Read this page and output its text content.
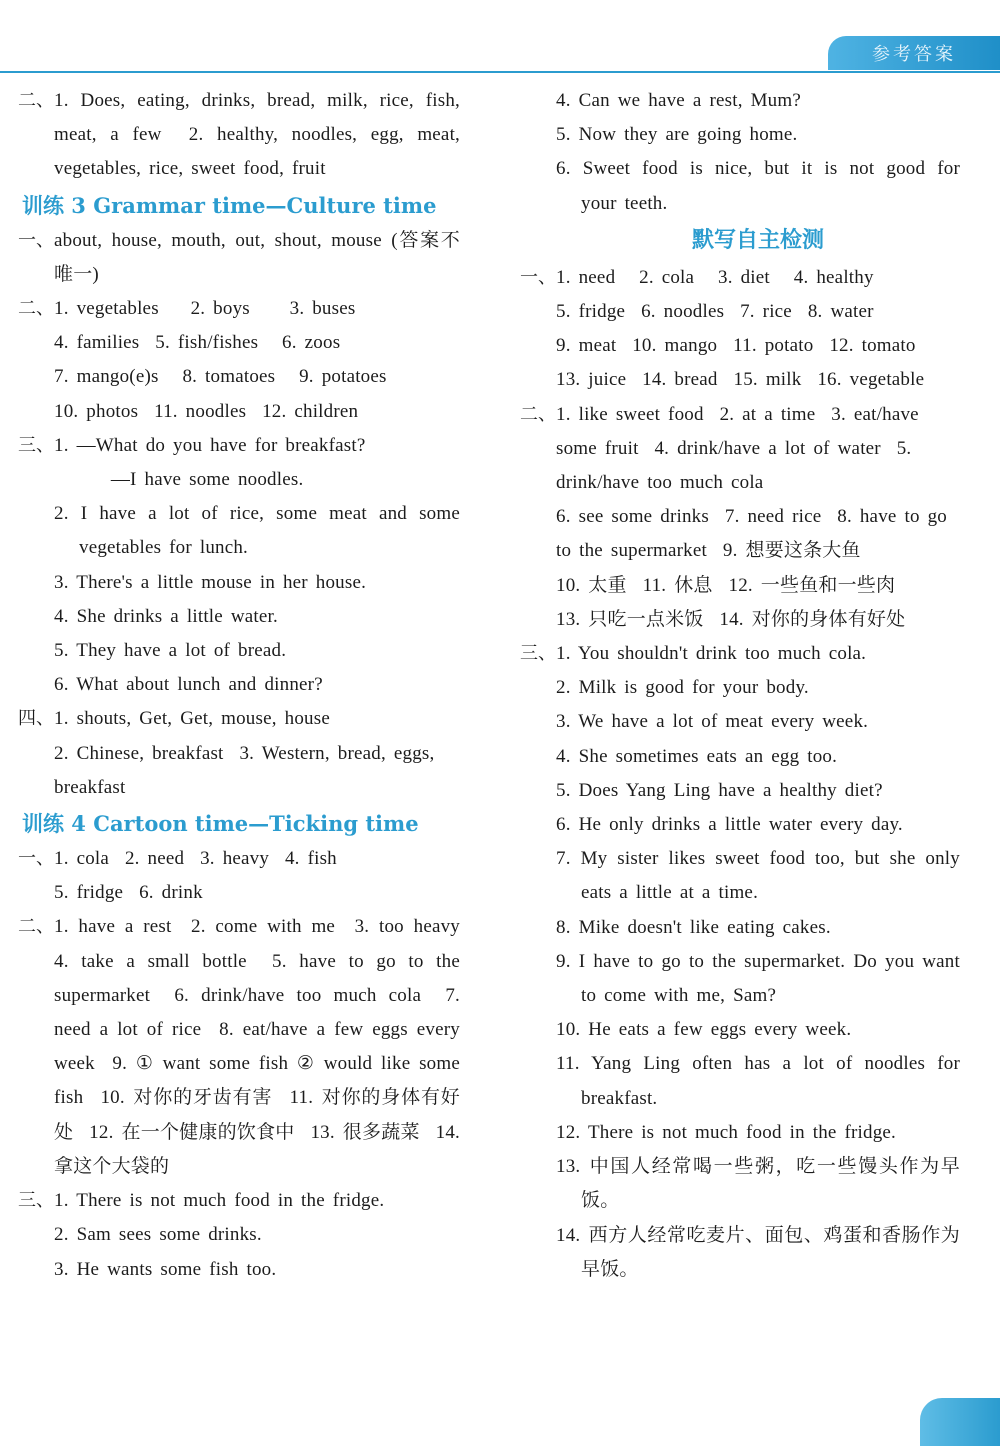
参考答案
二、 1. Does, eating, drinks, bread, milk, rice, fish, meat, a few  2. healthy, noodles, egg, meat, vegetables, rice, sweet food, fruit
训练 3 Grammar time—Culture time
一、 about, house, mouth, out, shout, mouse (答案不唯一)
二、 1. vegetables    2. boys     3. buses
4. families  5. fish/fishes   6. zoos
7. mango(e)s   8. tomatoes   9. potatoes
10. photos  11. noodles  12. children
三、 1. —What do you have for breakfast?
—I have some noodles.
2. I have a lot of rice, some meat and some vegetables for lunch.
3. There's a little mouse in her house.
4. She drinks a little water.
5. They have a lot of bread.
6. What about lunch and dinner?
四、 1. shouts, Get, Get, mouse, house
2. Chinese, breakfast  3. Western, bread, eggs, breakfast
训练 4 Cartoon time—Ticking time
一、 1. cola  2. need  3. heavy  4. fish
5. fridge  6. drink
二、 1. have a rest  2. come with me  3. too heavy  4. take a small bottle  5. have to go to the supermarket  6. drink/have too much cola  7. need a lot of rice  8. eat/have a few eggs every week  9. ① want some fish ② would like some fish  10. 对你的牙齿有害  11. 对你的身体有好处  12. 在一个健康的饮食中  13. 很多蔬菜  14. 拿这个大袋的
三、 1. There is not much food in the fridge.
2. Sam sees some drinks.
3. He wants some fish too.
4. Can we have a rest, Mum?
5. Now they are going home.
6. Sweet food is nice, but it is not good for your teeth.
默写自主检测
一、 1. need   2. cola   3. diet   4. healthy
5. fridge  6. noodles  7. rice  8. water
9. meat  10. mango  11. potato  12. tomato
13. juice  14. bread  15. milk  16. vegetable
二、 1. like sweet food  2. at a time  3. eat/have some fruit  4. drink/have a lot of water  5. drink/have too much cola
6. see some drinks  7. need rice  8. have to go to the supermarket  9. 想要这条大鱼
10. 太重  11. 休息  12. 一些鱼和一些肉
13. 只吃一点米饭  14. 对你的身体有好处
三、 1. You shouldn't drink too much cola.
2. Milk is good for your body.
3. We have a lot of meat every week.
4. She sometimes eats an egg too.
5. Does Yang Ling have a healthy diet?
6. He only drinks a little water every day.
7. My sister likes sweet food too, but she only eats a little at a time.
8. Mike doesn't like eating cakes.
9. I have to go to the supermarket. Do you want to come with me, Sam?
10. He eats a few eggs every week.
11. Yang Ling often has a lot of noodles for breakfast.
12. There is not much food in the fridge.
13. 中国人经常喝一些粥，吃一些馒头作为早饭。
14. 西方人经常吃麦片、面包、鸡蛋和香肠作为早饭。
